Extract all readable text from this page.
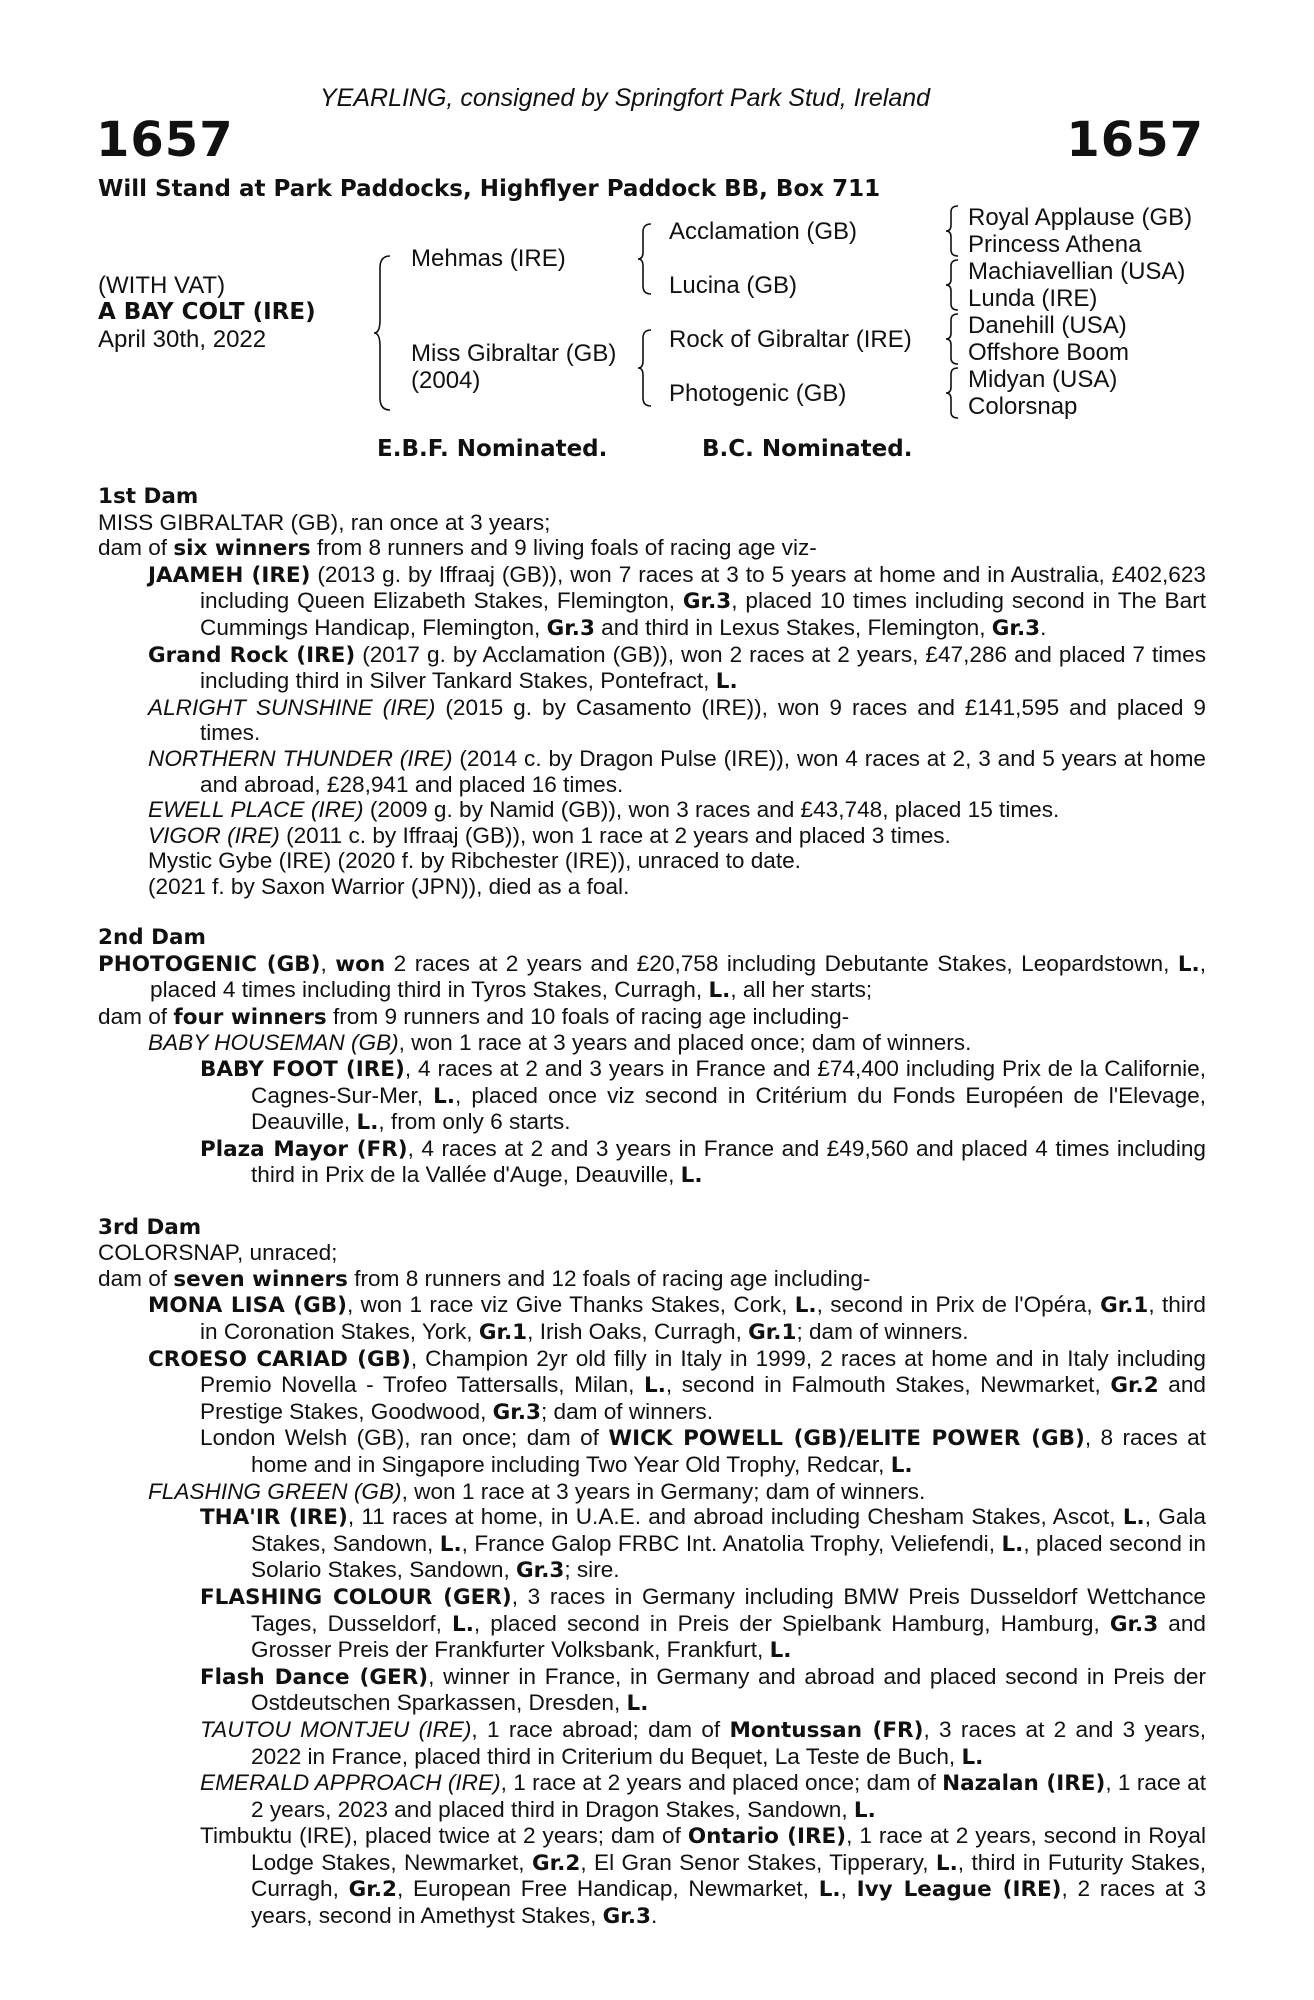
YEARLING, consigned by Springfort Park Stud, Ireland
1657	1657
Will Stand at Park Paddocks, Highflyer Paddock BB, Box 711
(WITH VAT)
A BAY COLT (IRE)
April 30th, 2022
Mehmas (IRE)
Miss Gibraltar (GB)
(2004)
Acclamation (GB)
Lucina (GB)
Rock of Gibraltar (IRE)
Photogenic (GB)
Royal Applause (GB)
Princess Athena
Machiavellian (USA)
Lunda (IRE)
Danehill (USA)
Offshore Boom
Midyan (USA)
Colorsnap
E.B.F. Nominated.	B.C. Nominated.

1st Dam

MISS GIBRALTAR (GB), ran once at 3 years;

dam of six winners from 8 runners and 9 living foals of racing age viz-

JAAMEH (IRE) (2013 g. by Iffraaj (GB)), won 7 races at 3 to 5 years at home and in Australia, £402,623 including Queen Elizabeth Stakes, Flemington, Gr.3, placed 10 times including second in The Bart Cummings Handicap, Flemington, Gr.3 and third in Lexus Stakes, Flemington, Gr.3.

Grand Rock (IRE) (2017 g. by Acclamation (GB)), won 2 races at 2 years, £47,286 and placed 7 times including third in Silver Tankard Stakes, Pontefract, L.

ALRIGHT SUNSHINE (IRE) (2015 g. by Casamento (IRE)), won 9 races and £141,595 and placed 9 times.

NORTHERN THUNDER (IRE) (2014 c. by Dragon Pulse (IRE)), won 4 races at 2, 3 and 5 years at home and abroad, £28,941 and placed 16 times.

EWELL PLACE (IRE) (2009 g. by Namid (GB)), won 3 races and £43,748, placed 15 times.

VIGOR (IRE) (2011 c. by Iffraaj (GB)), won 1 race at 2 years and placed 3 times.

Mystic Gybe (IRE) (2020 f. by Ribchester (IRE)), unraced to date.

(2021 f. by Saxon Warrior (JPN)), died as a foal.

2nd Dam

PHOTOGENIC (GB), won 2 races at 2 years and £20,758 including Debutante Stakes, Leopardstown, L., placed 4 times including third in Tyros Stakes, Curragh, L., all her starts;

dam of four winners from 9 runners and 10 foals of racing age including-

BABY HOUSEMAN (GB), won 1 race at 3 years and placed once; dam of winners.

BABY FOOT (IRE), 4 races at 2 and 3 years in France and £74,400 including Prix de la Californie, Cagnes-Sur-Mer, L., placed once viz second in Critérium du Fonds Européen de l'Elevage, Deauville, L., from only 6 starts.

Plaza Mayor (FR), 4 races at 2 and 3 years in France and £49,560 and placed 4 times including third in Prix de la Vallée d'Auge, Deauville, L.

3rd Dam

COLORSNAP, unraced;

dam of seven winners from 8 runners and 12 foals of racing age including-

MONA LISA (GB), won 1 race viz Give Thanks Stakes, Cork, L., second in Prix de l'Opéra, Gr.1, third in Coronation Stakes, York, Gr.1, Irish Oaks, Curragh, Gr.1; dam of winners.

CROESO CARIAD (GB), Champion 2yr old filly in Italy in 1999, 2 races at home and in Italy including Premio Novella - Trofeo Tattersalls, Milan, L., second in Falmouth Stakes, Newmarket, Gr.2 and Prestige Stakes, Goodwood, Gr.3; dam of winners.

London Welsh (GB), ran once; dam of WICK POWELL (GB)/ELITE POWER (GB), 8 races at home and in Singapore including Two Year Old Trophy, Redcar, L.

FLASHING GREEN (GB), won 1 race at 3 years in Germany; dam of winners.

THA'IR (IRE), 11 races at home, in U.A.E. and abroad including Chesham Stakes, Ascot, L., Gala Stakes, Sandown, L., France Galop FRBC Int. Anatolia Trophy, Veliefendi, L., placed second in Solario Stakes, Sandown, Gr.3; sire.

FLASHING COLOUR (GER), 3 races in Germany including BMW Preis Dusseldorf Wettchance Tages, Dusseldorf, L., placed second in Preis der Spielbank Hamburg, Hamburg, Gr.3 and Grosser Preis der Frankfurter Volksbank, Frankfurt, L.

Flash Dance (GER), winner in France, in Germany and abroad and placed second in Preis der Ostdeutschen Sparkassen, Dresden, L.

TAUTOU MONTJEU (IRE), 1 race abroad; dam of Montussan (FR), 3 races at 2 and 3 years, 2022 in France, placed third in Criterium du Bequet, La Teste de Buch, L.

EMERALD APPROACH (IRE), 1 race at 2 years and placed once; dam of Nazalan (IRE), 1 race at 2 years, 2023 and placed third in Dragon Stakes, Sandown, L.

Timbuktu (IRE), placed twice at 2 years; dam of Ontario (IRE), 1 race at 2 years, second in Royal Lodge Stakes, Newmarket, Gr.2, El Gran Senor Stakes, Tipperary, L., third in Futurity Stakes, Curragh, Gr.2, European Free Handicap, Newmarket, L., Ivy League (IRE), 2 races at 3 years, second in Amethyst Stakes, Gr.3.
